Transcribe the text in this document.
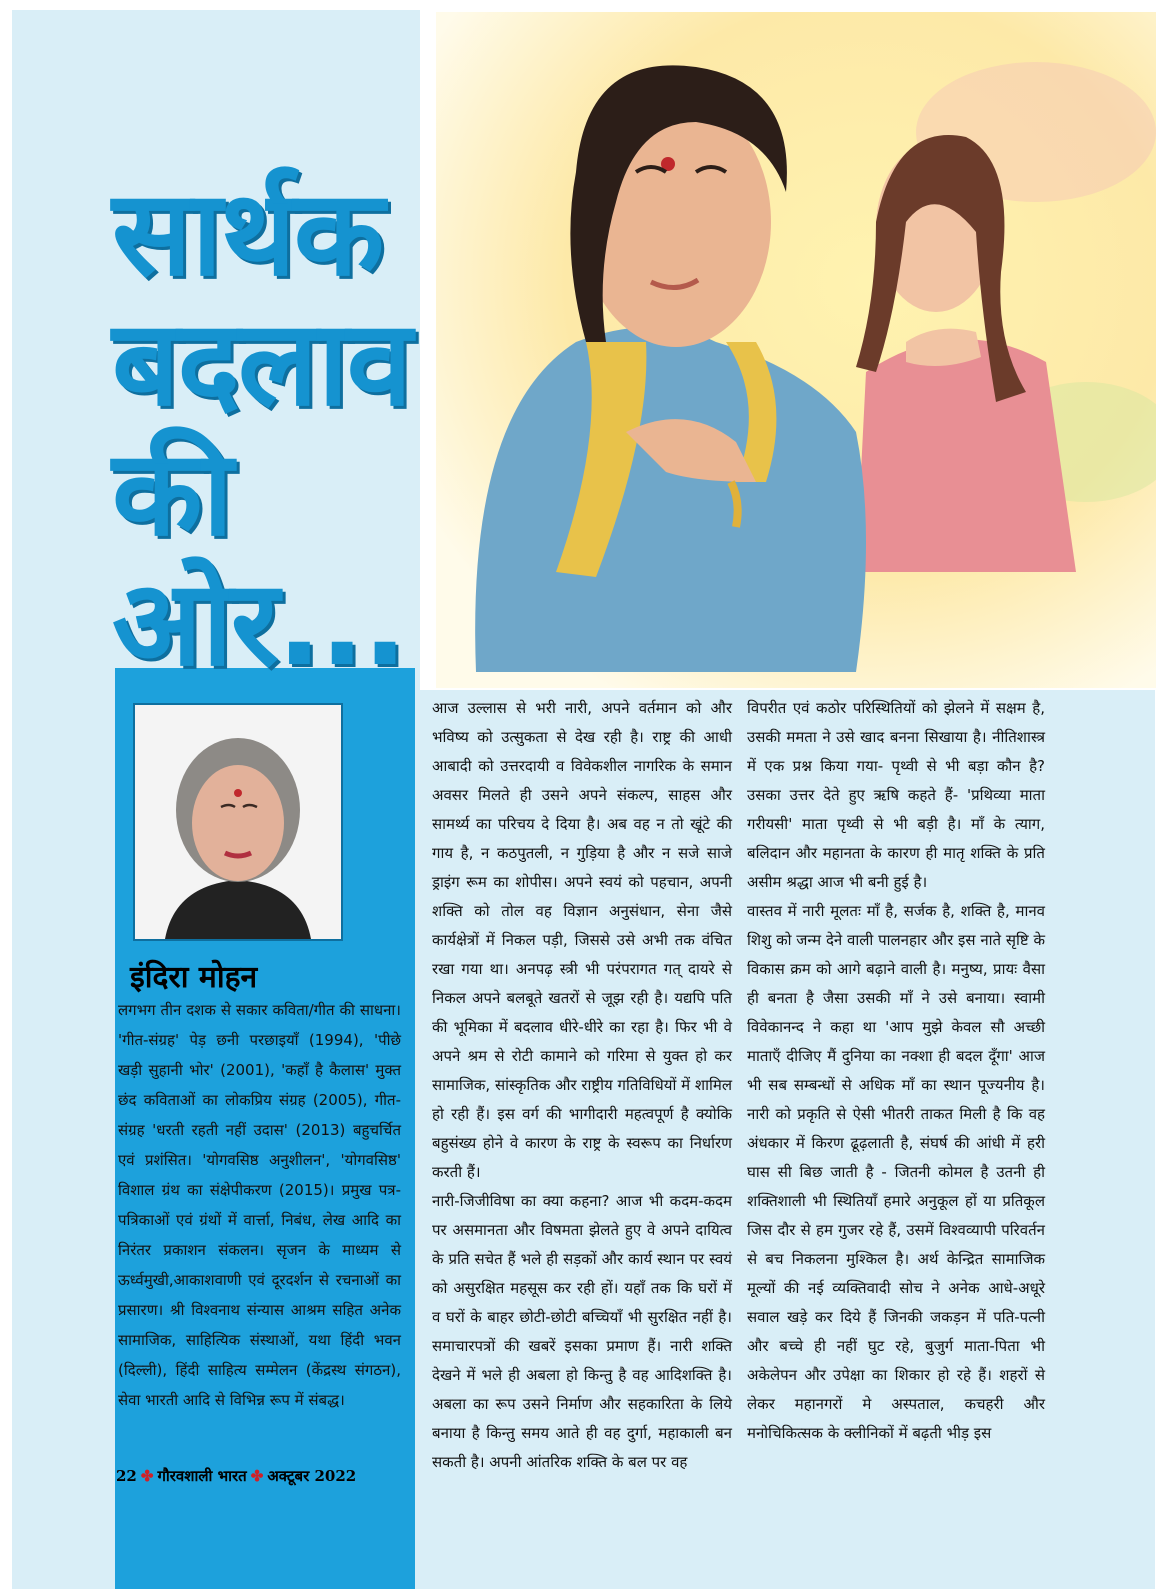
सार्थक बदलाव की ओर...
इंदिरा मोहन

लगभग तीन दशक से सकार कविता/गीत की साधना। 'गीत-संग्रह' पेड़ छनी परछाइयाँ (1994), 'पीछे खड़ी सुहानी भोर' (2001), 'कहाँ है कैलास' मुक्त छंद कविताओं का लोकप्रिय संग्रह (2005), गीत-संग्रह 'धरती रहती नहीं उदास' (2013) बहुचर्चित एवं प्रशंसित। 'योगवसिष्ठ अनुशीलन', 'योगवसिष्ठ' विशाल ग्रंथ का संक्षेपीकरण (2015)। प्रमुख पत्र-पत्रिकाओं एवं ग्रंथों में वार्त्ता, निबंध, लेख आदि का निरंतर प्रकाशन संकलन। सृजन के माध्यम से ऊर्ध्वमुखी,आकाशवाणी एवं दूरदर्शन से रचनाओं का प्रसारण। श्री विश्वनाथ संन्यास आश्रम सहित अनेक सामाजिक, साहित्यिक संस्थाओं, यथा हिंदी भवन (दिल्ली), हिंदी साहित्य सम्मेलन (केंद्रस्थ संगठन), सेवा भारती आदि से विभिन्न रूप में संबद्ध।

आज उल्लास से भरी नारी, अपने वर्तमान को और भविष्य को उत्सुकता से देख रही है। राष्ट्र की आधी आबादी को उत्तरदायी व विवेकशील नागरिक के समान अवसर मिलते ही उसने अपने संकल्प, साहस और सामर्थ्य का परिचय दे दिया है। अब वह न तो खूंटे की गाय है, न कठपुतली, न गुड़िया है और न सजे साजे ड्राइंग रूम का शोपीस। अपने स्वयं को पहचान, अपनी शक्ति को तोल वह विज्ञान अनुसंधान, सेना जैसे कार्यक्षेत्रों में निकल पड़ी, जिससे उसे अभी तक वंचित रखा गया था। अनपढ़ स्त्री भी परंपरागत गत् दायरे से निकल अपने बलबूते खतरों से जूझ रही है। यद्यपि पति की भूमिका में बदलाव धीरे-धीरे का रहा है। फिर भी वे अपने श्रम से रोटी कामाने को गरिमा से युक्त हो कर सामाजिक, सांस्कृतिक और राष्ट्रीय गतिविधियों में शामिल हो रही हैं। इस वर्ग की भागीदारी महत्वपूर्ण है क्योकि बहुसंख्य होने वे कारण के राष्ट्र के स्वरूप का निर्धारण करती हैं।

नारी-जिजीविषा का क्या कहना? आज भी कदम-कदम पर असमानता और विषमता झेलते हुए वे अपने दायित्व के प्रति सचेत हैं भले ही सड़कों और कार्य स्थान पर स्वयं को असुरक्षित महसूस कर रही हों। यहाँ तक कि घरों में व घरों के बाहर छोटी-छोटी बच्चियाँ भी सुरक्षित नहीं है। समाचारपत्रों की खबरें इसका प्रमाण हैं। नारी शक्ति देखने में भले ही अबला हो किन्तु है वह आदिशक्ति है। अबला का रूप उसने निर्माण और सहकारिता के लिये बनाया है किन्तु समय आते ही वह दुर्गा, महाकाली बन सकती है। अपनी आंतरिक शक्ति के बल पर वह

विपरीत एवं कठोर परिस्थितियों को झेलने में सक्षम है, उसकी ममता ने उसे खाद बनना सिखाया है। नीतिशास्त्र में एक प्रश्न किया गया- पृथ्वी से भी बड़ा कौन है? उसका उत्तर देते हुए ऋषि कहते हैं- 'प्रथिव्या माता गरीयसी' माता पृथ्वी से भी बड़ी है। माँ के त्याग, बलिदान और महानता के कारण ही मातृ शक्ति के प्रति असीम श्रद्धा आज भी बनी हुई है।

वास्तव में नारी मूलतः माँ है, सर्जक है, शक्ति है, मानव शिशु को जन्म देने वाली पालनहार और इस नाते सृष्टि के विकास क्रम को आगे बढ़ाने वाली है। मनुष्य, प्रायः वैसा ही बनता है जैसा उसकी माँ ने उसे बनाया। स्वामी विवेकानन्द ने कहा था 'आप मुझे केवल सौ अच्छी माताएँ दीजिए मैं दुनिया का नक्शा ही बदल दूँगा' आज भी सब सम्बन्धों से अधिक माँ का स्थान पूज्यनीय है। नारी को प्रकृति से ऐसी भीतरी ताकत मिली है कि वह अंधकार में किरण ढूढ़लाती है, संघर्ष की आंधी में हरी घास सी बिछ जाती है - जितनी कोमल है उतनी ही शक्तिशाली भी स्थितियाँ हमारे अनुकूल हों या प्रतिकूल जिस दौर से हम गुजर रहे हैं, उसमें विश्वव्यापी परिवर्तन से बच निकलना मुश्किल है। अर्थ केन्द्रित सामाजिक मूल्यों की नई व्यक्तिवादी सोच ने अनेक आधे-अधूरे सवाल खड़े कर दिये हैं जिनकी जकड़न में पति-पत्नी और बच्चे ही नहीं घुट रहे, बुजुर्ग माता-पिता भी अकेलेपन और उपेक्षा का शिकार हो रहे हैं। शहरों से लेकर महानगरों मे अस्पताल, कचहरी और मनोचिकित्सक के क्लीनिकों में बढ़ती भीड़ इस

22 ✤ गौरवशाली भारत ✤ अक्टूबर 2022
